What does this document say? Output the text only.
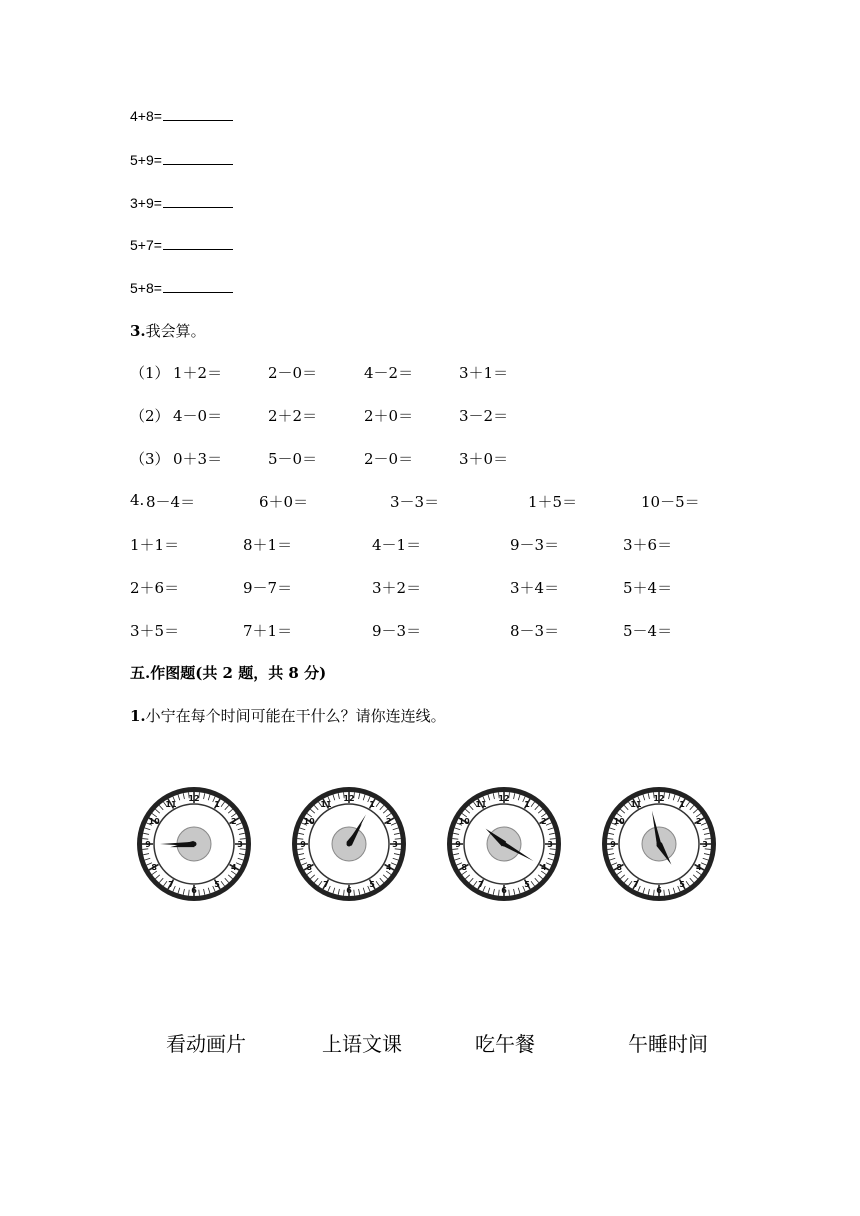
4+8=
5+9=
3+9=
5+7=
5+8=
3.我会算。
（1） 1＋2＝	2－0＝	4－2＝	3＋1＝
（2） 4－0＝	2＋2＝	2＋0＝	3－2＝
（3） 0＋3＝	5－0＝	2－0＝	3＋0＝
4. 8－4＝	6＋0＝	3－3＝	1＋5＝	10－5＝
1＋1＝	8＋1＝	4－1＝	9－3＝	3＋6＝
2＋6＝	9－7＝	3＋2＝	3＋4＝	5＋4＝
3＋5＝	7＋1＝	9－3＝	8－3＝	5－4＝
五.作图题(共 2 题，共 8 分)
1.小宁在每个时间可能在干什么？请你连连线。
1
2
3
4
5
6
7
8
9
10
11
12
1
2
3
4
5
6
7
8
9
10
11
12
1
2
3
4
5
6
7
8
9
10
11
12
1
2
3
4
5
6
7
8
9
10
11
12
看动画片	上语文课	吃午餐	午睡时间
